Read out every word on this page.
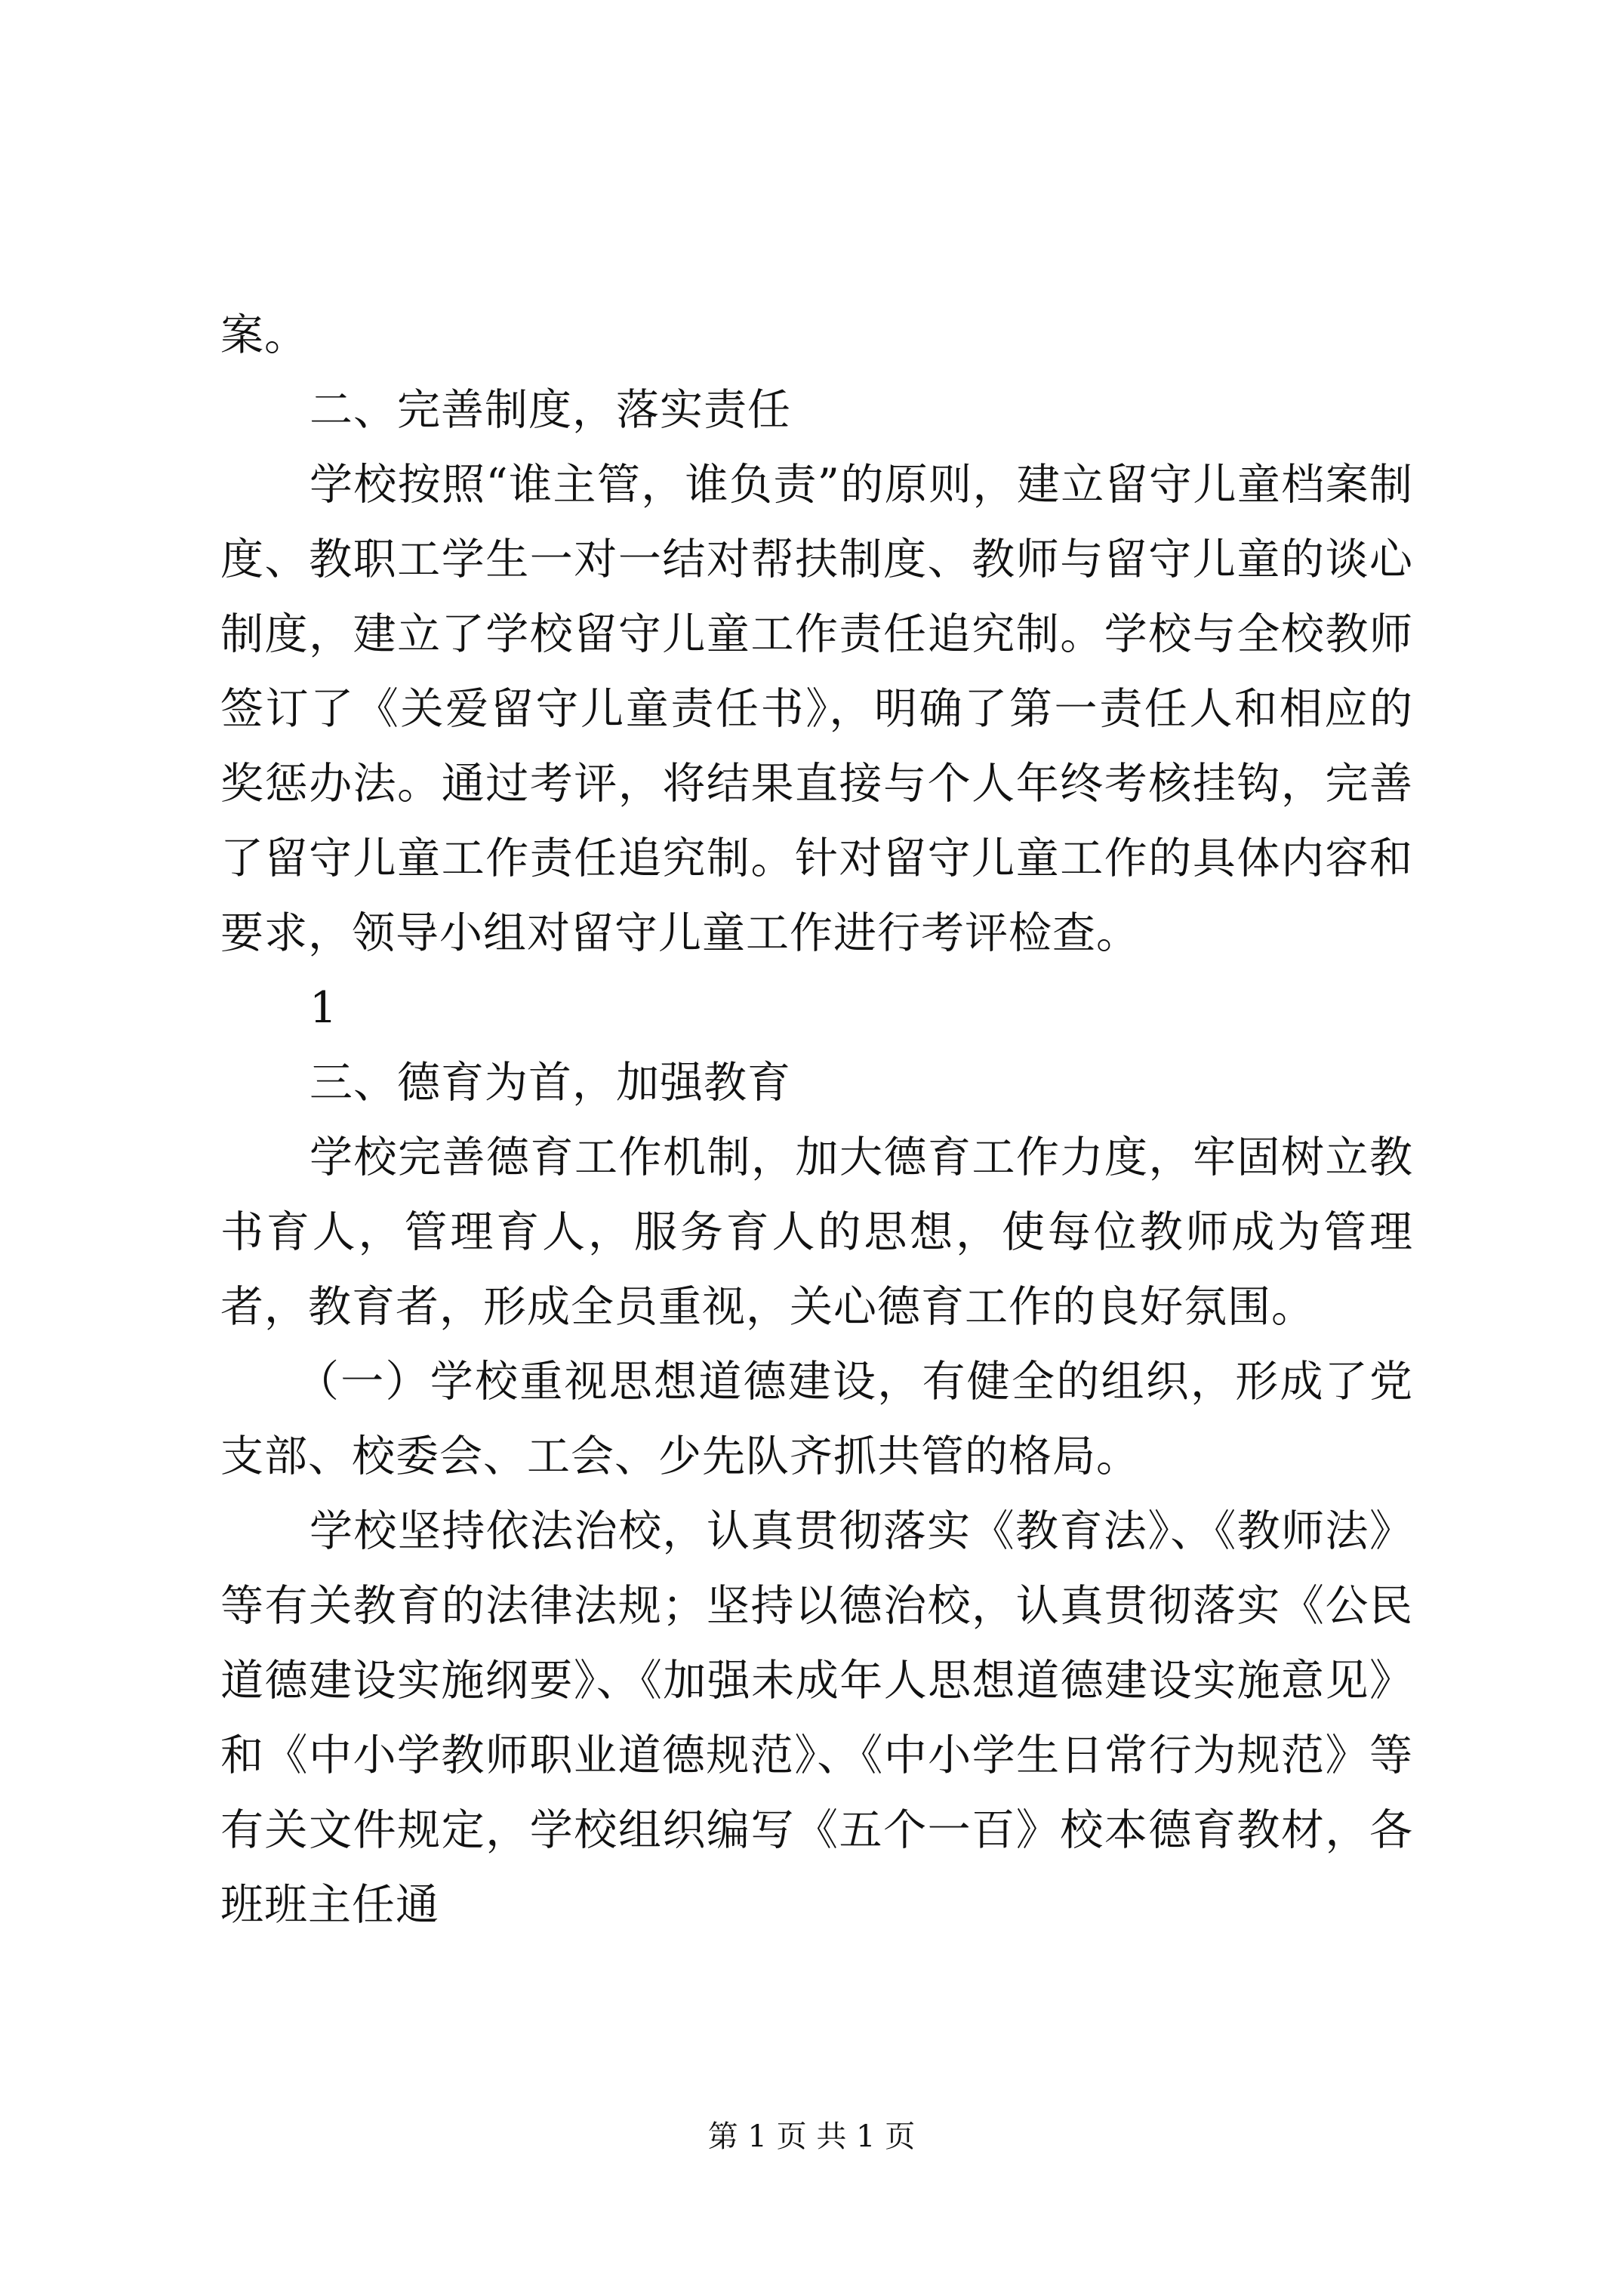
案。

二、完善制度，落实责任

学校按照“谁主管，谁负责”的原则，建立留守儿童档案制度、教职工学生一对一结对帮扶制度、教师与留守儿童的谈心制度，建立了学校留守儿童工作责任追究制。学校与全校教师签订了《关爱留守儿童责任书》，明确了第一责任人和相应的奖惩办法。通过考评，将结果直接与个人年终考核挂钩，完善了留守儿童工作责任追究制。针对留守儿童工作的具体内容和要求，领导小组对留守儿童工作进行考评检查。

1

三、德育为首，加强教育

学校完善德育工作机制，加大德育工作力度，牢固树立教书育人，管理育人，服务育人的思想，使每位教师成为管理者，教育者，形成全员重视，关心德育工作的良好氛围。

（一）学校重视思想道德建设，有健全的组织，形成了党支部、校委会、工会、少先队齐抓共管的格局。

学校坚持依法治校，认真贯彻落实《教育法》、《教师法》等有关教育的法律法规；坚持以德治校，认真贯彻落实《公民道德建设实施纲要》、《加强未成年人思想道德建设实施意见》和《中小学教师职业道德规范》、《中小学生日常行为规范》等有关文件规定，学校组织编写《五个一百》校本德育教材，各班班主任通

第 1 页 共 1 页
